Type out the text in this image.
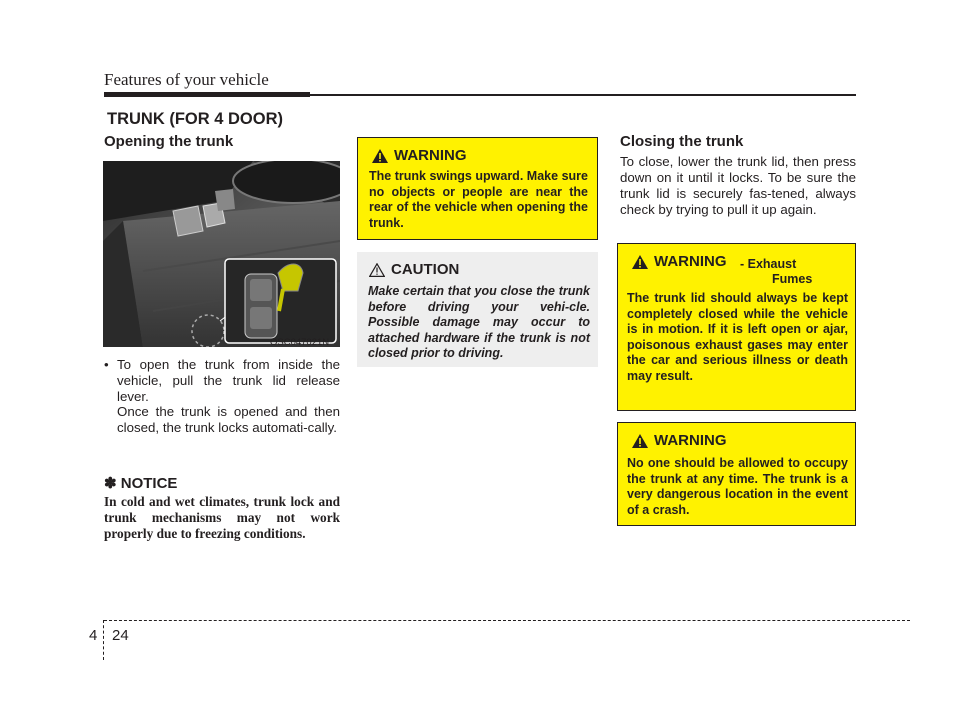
Features of your vehicle
TRUNK (FOR 4 DOOR)
Opening the trunk
OSC047021N
• To open the trunk from inside the vehicle, pull the trunk lid release lever.
Once the trunk is opened and then closed, the trunk locks automati-cally.
✽ NOTICE
In cold and wet climates, trunk lock and trunk mechanisms may not work properly due to freezing conditions.
WARNING
The trunk swings upward. Make sure no objects or people are near the rear of the vehicle when opening the trunk.
CAUTION
Make certain that you close the trunk before driving your vehi-cle. Possible damage may occur to attached hardware if the trunk is not closed prior to driving.
Closing the trunk
To close, lower the trunk lid, then press down on it until it locks. To be sure the trunk lid is securely fas-tened, always check by trying to pull it up again.
WARNING - Exhaust
Fumes
The trunk lid should always be kept completely closed while the vehicle is in motion. If it is left open or ajar, poisonous exhaust gases may enter the car and serious illness or death may result.
WARNING
No one should be allowed to occupy the trunk at any time. The trunk is a very dangerous location in the event of a crash.
4 24
